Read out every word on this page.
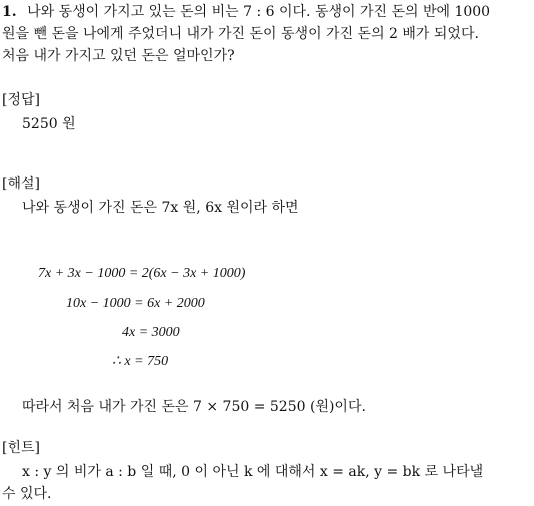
1. 나와 동생이 가지고 있는 돈의 비는 7 : 6 이다. 동생이 가진 돈의 반에 1000
원을 뺀 돈을 나에게 주었더니 내가 가진 돈이 동생이 가진 돈의 2 배가 되었다.
처음 내가 가지고 있던 돈은 얼마인가?
[정답]
5250 원
[해설]
나와 동생이 가진 돈은 7x 원, 6x 원이라 하면
7x + 3x − 1000 = 2(6x − 3x + 1000)
10x − 1000 = 6x + 2000
4x = 3000
∴ x = 750
따라서 처음 내가 가진 돈은 7 × 750 = 5250 (원)이다.
[힌트]
x : y 의 비가 a : b 일 때, 0 이 아닌 k 에 대해서 x = ak, y = bk 로 나타낼
수 있다.
